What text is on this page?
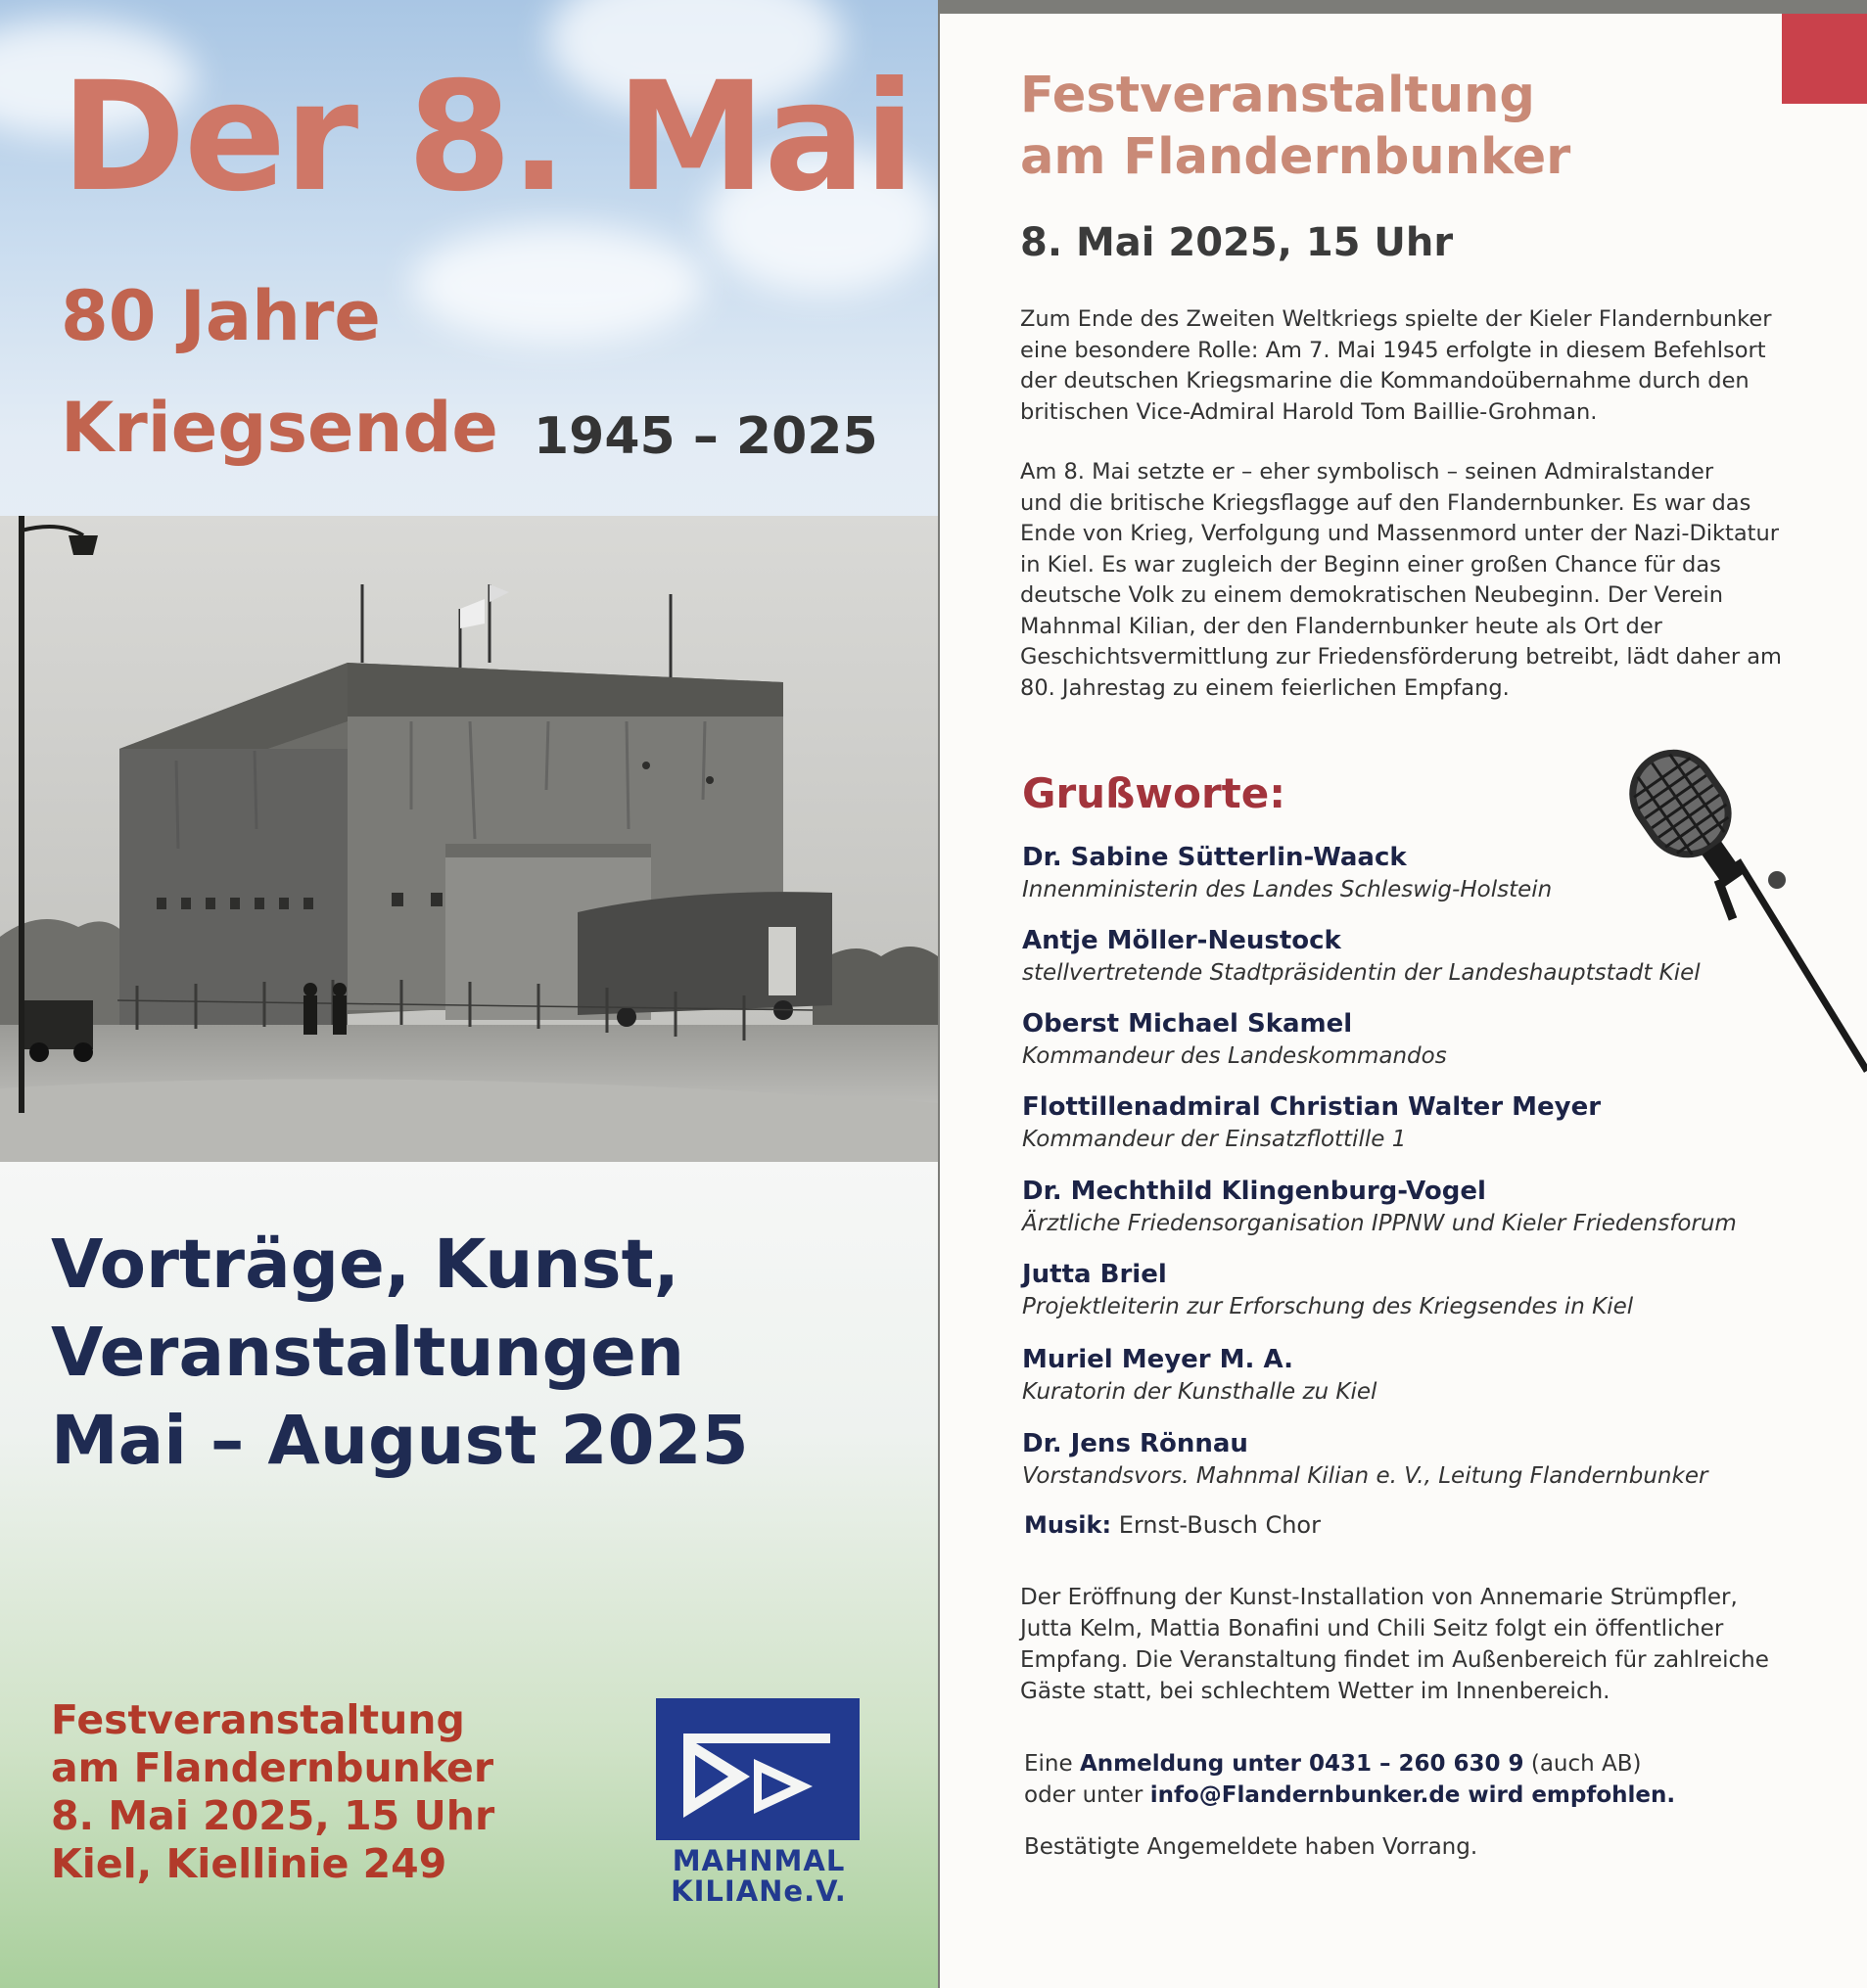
Der 8. Mai
80 Jahre
Kriegsende 1945 – 2025
Vorträge, Kunst,
Veranstaltungen
Mai – August 2025
Festveranstaltung
am Flandernbunker
8. Mai 2025, 15 Uhr
Kiel, Kiellinie 249	MAHNMAL
KILIANe.V.
Festveranstaltung
am Flandernbunker
8. Mai 2025, 15 Uhr

Zum Ende des Zweiten Weltkriegs spielte der Kieler Flandernbunker
eine besondere Rolle: Am 7. Mai 1945 erfolgte in diesem Befehlsort
der deutschen Kriegsmarine die Kommandoübernahme durch den
britischen Vice-Admiral Harold Tom Baillie-Grohman.

Am 8. Mai setzte er – eher symbolisch – seinen Admiralstander
und die britische Kriegsflagge auf den Flandernbunker. Es war das
Ende von Krieg, Verfolgung und Massenmord unter der Nazi-Diktatur
in Kiel. Es war zugleich der Beginn einer großen Chance für das
deutsche Volk zu einem demokratischen Neubeginn. Der Verein
Mahnmal Kilian, der den Flandernbunker heute als Ort der
Geschichtsvermittlung zur Friedensförderung betreibt, lädt daher am
80. Jahrestag zu einem feierlichen Empfang.

Grußworte:
Dr. Sabine Sütterlin-Waack
Innenministerin des Landes Schleswig-Holstein
Antje Möller-Neustock
stellvertretende Stadtpräsidentin der Landeshauptstadt Kiel
Oberst Michael Skamel
Kommandeur des Landeskommandos
Flottillenadmiral Christian Walter Meyer
Kommandeur der Einsatzflottille 1
Dr. Mechthild Klingenburg-Vogel
Ärztliche Friedensorganisation IPPNW und Kieler Friedensforum
Jutta Briel
Projektleiterin zur Erforschung des Kriegsendes in Kiel
Muriel Meyer M. A.
Kuratorin der Kunsthalle zu Kiel
Dr. Jens Rönnau
Vorstandsvors. Mahnmal Kilian e. V., Leitung Flandernbunker
Musik: Ernst-Busch Chor

Der Eröffnung der Kunst-Installation von Annemarie Strümpfler,
Jutta Kelm, Mattia Bonafini und Chili Seitz folgt ein öffentlicher
Empfang. Die Veranstaltung findet im Außenbereich für zahlreiche
Gäste statt, bei schlechtem Wetter im Innenbereich.

Eine Anmeldung unter 0431 – 260 630 9 (auch AB)
oder unter info@Flandernbunker.de wird empfohlen.
Bestätigte Angemeldete haben Vorrang.
